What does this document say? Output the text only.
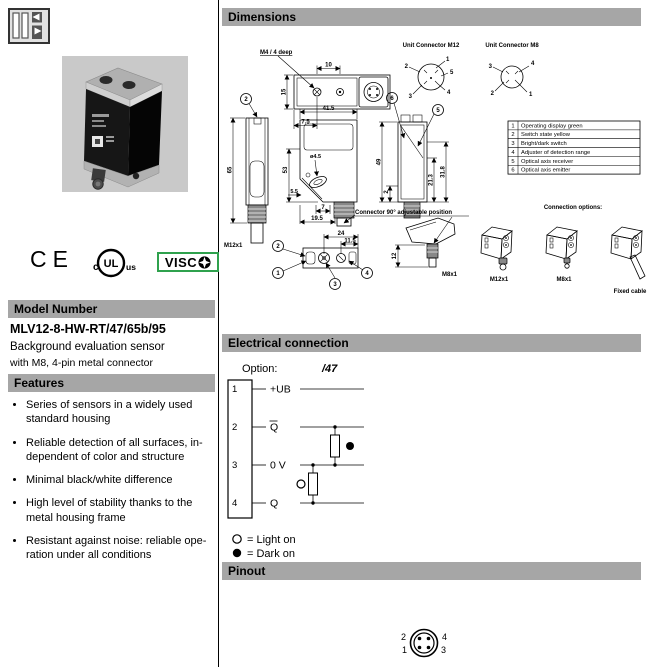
CE	UL
c	us VISC
Model Number
MLV12-8-HW-RT/47/65b/95
Background evaluation sensor
with M8, 4-pin metal connector
Features
• Series of sensors in a widely used standard housing
• Reliable detection of all surfaces, in-dependent of color and structure
• Minimal black/white difference
• High level of stability thanks to the metal housing frame
• Resistant against noise: reliable ope-ration under all conditions
Dimensions
10
15
7.5
M4 / 4 deep
Unit Connector M12
2
1
5
4
3
Unit Connector M8
3	4
2	1
1 Operating display green
2 Switch state yellow
3 Bright/dark switch
4 Adjuster of detection range
5 Optical axis receiver
6 Optical axis emitter
2
M12x1
65
41.5
53
ø4.5
5.5
7
19.5
6
5
49
2
21.3
31.8
Connector 90° adjustable position
2
1
3
4
24
11.5
12
M8x1
Connection options:
M12x1	M8x1
Fixed cable
Electrical connection
Option:	/47
1
2
3
4
+UB
Q
0 V
Q
= Light on
= Dark on
Pinout
2
1
4
3
